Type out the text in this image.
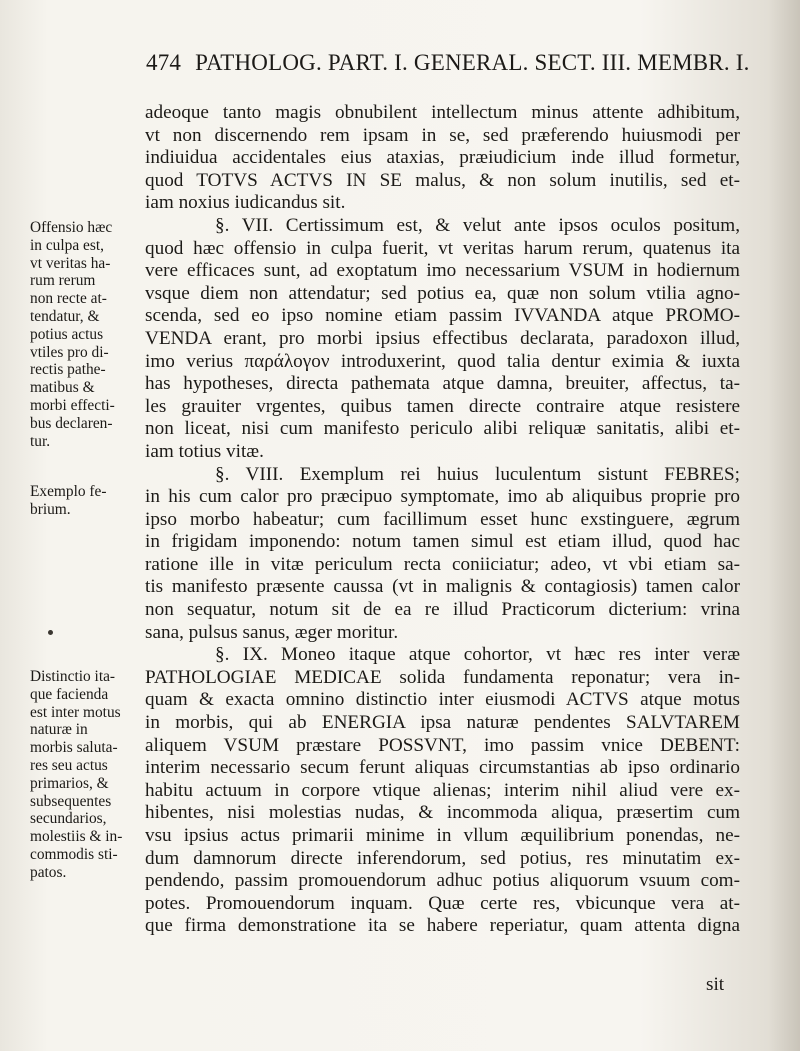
474 PATHOLOG. PART. I. GENERAL. SECT. III. MEMBR. I.
Offensio hæc
in culpa est,
vt veritas ha-
rum rerum
non recte at-
tendatur, &
potius actus
vtiles pro di-
rectis pathe-
matibus &
morbi effecti-
bus declaren-
tur.
Exemplo fe-
brium.
Distinctio ita-
que facienda
est inter motus
naturæ in
morbis saluta-
res seu actus
primarios, &
subsequentes
secundarios,
molestiis & in-
commodis sti-
patos.
adeoque tanto magis obnubilent intellectum minus attente adhibitum,
vt non discernendo rem ipsam in se, sed præferendo huiusmodi per
indiuidua accidentales eius ataxias, præiudicium inde illud formetur,
quod TOTVS ACTVS IN SE malus, & non solum inutilis, sed et-
iam noxius iudicandus sit.
§. VII. Certissimum est, & velut ante ipsos oculos positum,
quod hæc offensio in culpa fuerit, vt veritas harum rerum, quatenus ita
vere efficaces sunt, ad exoptatum imo necessarium VSUM in hodiernum
vsque diem non attendatur; sed potius ea, quæ non solum vtilia agno-
scenda, sed eo ipso nomine etiam passim IVVANDA atque PROMO-
VENDA erant, pro morbi ipsius effectibus declarata, paradoxon illud,
imo verius παράλογον introduxerint, quod talia dentur eximia & iuxta
has hypotheses, directa pathemata atque damna, breuiter, affectus, ta-
les grauiter vrgentes, quibus tamen directe contraire atque resistere
non liceat, nisi cum manifesto periculo alibi reliquæ sanitatis, alibi et-
iam totius vitæ.
§. VIII. Exemplum rei huius luculentum sistunt FEBRES;
in his cum calor pro præcipuo symptomate, imo ab aliquibus proprie pro
ipso morbo habeatur; cum facillimum esset hunc exstinguere, ægrum
in frigidam imponendo: notum tamen simul est etiam illud, quod hac
ratione ille in vitæ periculum recta coniiciatur; adeo, vt vbi etiam sa-
tis manifesto præsente caussa (vt in malignis & contagiosis) tamen calor
non sequatur, notum sit de ea re illud Practicorum dicterium: vrina
sana, pulsus sanus, æger moritur.
§. IX. Moneo itaque atque cohortor, vt hæc res inter veræ
PATHOLOGIAE MEDICAE solida fundamenta reponatur; vera in-
quam & exacta omnino distinctio inter eiusmodi ACTVS atque motus
in morbis, qui ab ENERGIA ipsa naturæ pendentes SALVTAREM
aliquem VSUM præstare POSSVNT, imo passim vnice DEBENT:
interim necessario secum ferunt aliquas circumstantias ab ipso ordinario
habitu actuum in corpore vtique alienas; interim nihil aliud vere ex-
hibentes, nisi molestias nudas, & incommoda aliqua, præsertim cum
vsu ipsius actus primarii minime in vllum æquilibrium ponendas, ne-
dum damnorum directe inferendorum, sed potius, res minutatim ex-
pendendo, passim promouendorum adhuc potius aliquorum vsuum com-
potes. Promouendorum inquam. Quæ certe res, vbicunque vera at-
que firma demonstratione ita se habere reperiatur, quam attenta digna
sit
